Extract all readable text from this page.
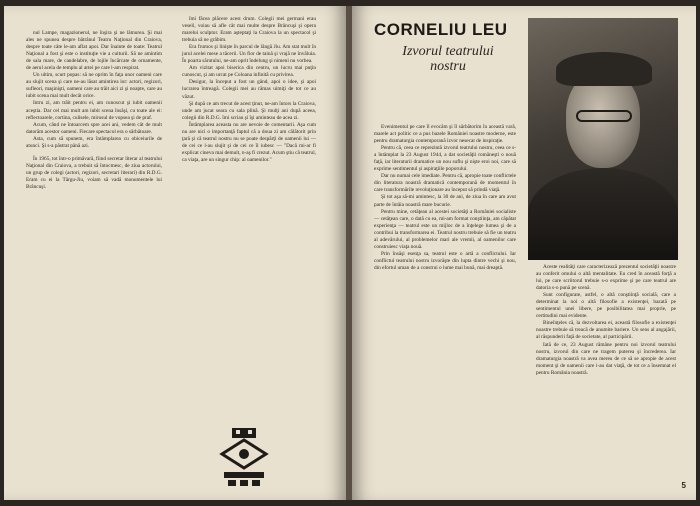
nul Lampe, magazionerul, ne înşira şi ne lămurea. Şi mai ales ne spunea despre bătrânul Teatru Naţional din Craiova, despre toate câte le-am aflat apoi. Dar înainte de toate: Teatrul Naţional a fost şi este o instituţie vie a culturii. Să ne amintim de sala mare, de candelabre, de lojile încărcate de ornamente, de aerul acela de templu al artei pe care l-am respirat.

Un ultim, scurt popas: să ne oprim în faţa unor oameni care au slujit scena şi care ne-au lăsat amintirea lor: actori, regizori, sufleori, maşinişti, oameni care au trăit aici zi şi noapte, care au iubit scena mai mult decât orice.

Intru zi, am trăit pentru ei, am cunoscut şi iubit oamenii aceştia. Dar cel mai mult am iubit scena însăşi, cu toate ale ei: reflectoarele, cortina, culisele, mirosul de vopsea şi de praf.

Acum, când ne întoarcem spre acei ani, vedem cât de mult datorăm acestor oameni. Fiecare spectacol era o sărbătoare.

Asta, cum să spunem, era întâmplarea cu obiceiurile de atunci. Şi s-a păstrat până azi.

În 1965, tot într-o primăvară, fiind secretar literar al teatrului Naţional din Craiova, a trebuit să întocmesc, de ziua actorului, un grup de colegi (actori, regizori, secretari literari) din R.D.G. Eram cu ei la Târgu-Jiu, voiam să vadă monumentele lui Brâncuşi.

îmi făcea plăcere acest drum. Colegii mei germani erau veseli, voiau să afle cât mai multe despre Brâncuşi şi opera marelui sculptor. Eram aşteptaţi la Craiova la un spectacol şi trebuia să ne grăbim.

Era frumos şi linişte în parcul de lângă Jiu. Am stat mult în jurul acelei mese a tăcerii. Un fior de taină şi vrajă ne învăluia. În poarta sărutului, ne-am oprit îndelung şi nimeni nu vorbea.

Am vizitat apoi biserica din centru, un lucru mai puţin cunoscut, şi am urcat pe Coloana infinită cu privirea.

Desigur, la început a fost un gând, apoi o idee, şi apoi lucrarea întreagă. Colegii mei au rămas uimiţi de tot ce au văzut.

Şi după ce am trecut de acest ţinut, ne-am întors la Craiova, unde am jucat seara cu sala plină. Şi mulţi ani după aceea, colegii din R.D.G. îmi scriau şi îşi aminteau de acea zi.

Întâmplarea aceasta nu are nevoie de comentarii. Aşa cum nu are nici o importanţă faptul că a doua zi am călătorit prin ţară şi că teatrul nostru nu se poate despărţi de oamenii lui — de cei ce l-au slujit şi de cei ce îl iubesc — "Dacă mi-ar fi explicat cineva mai demult, n-aş fi crezut. Acum ştiu că teatrul, ca viaţa, are un singur chip: al oamenilor."

CORNELIU LEU
Izvorul teatrului
nostru

Evenimentul pe care îl evocăm şi îl sărbătorim în această vară, marele act politic ce a pus bazele României noastre moderne, este pentru dramaturgia contemporană izvor nesecat de inspiraţie.

Pentru că, ceea ce reprezintă izvorul teatrului nostru, ceea ce s-a întâmplat la 23 August 1944, a dat societăţii româneşti o nouă faţă, iar literaturii dramatice un nou suflu şi nişte eroi noi, care să exprime sentimentul şi aspiraţiile poporului.

Dar nu numai cele imediate. Pentru că, apropie toate conflictele din literatura noastră dramatică contemporană de momentul în care transformările revoluţionare au început să prindă viaţă.

Şi tot aşa să-mi amintesc, la 30 de ani, de ziua în care am avut parte de întâia noastră mare bucurie.

Pentru mine, cetăţean al acestei societăţi a României socialiste — cetăţean care, o dată cu ea, mi-am format conştiinţa, am căpătat experienţa — teatrul este un mijloc de a înţelege lumea şi de a contribui la transformarea ei. Teatrul nostru trebuie să fie un teatru al adevărului, al problemelor mari ale vremii, al oamenilor care construiesc viaţa nouă.

Prin însăşi esenţa sa, teatrul este o artă a conflictului. Iar conflictul teatrului nostru izvorăşte din lupta dintre vechi şi nou, din efortul uman de a construi o lume mai bună, mai dreaptă.	Aceste realităţi care caracterizează prezentul societăţii noastre au conferit omului o altă mentalitate. Eu cred în această forţă a lui, pe care scriitorul trebuie s-o exprime şi pe care teatrul are datoria s-o pună pe scenă.

Sunt configurate, astfel, o altă conştiinţă socială, care a determinat la noi o altă filosofie a existenţei, bazată pe sentimentul unei libere, pe posibilitatea mai proprie, pe certitudini mai evidente.

Bineînţeles că, la dezvoltarea ei, această filosofie a existenţei noastre trebuie să treacă de anumite bariere. Un sens al angajării, al răspunderii faţă de societate, al participării.

Iată de ce, 23 August rămâne pentru noi izvorul teatrului nostru, izvorul din care ne tragem puterea şi încrederea. Iar dramaturgia noastră va avea mereu de ce să se apropie de acest moment şi de oamenii care i-au dat viaţă, de tot ce a însemnat el pentru România noastră.

5
